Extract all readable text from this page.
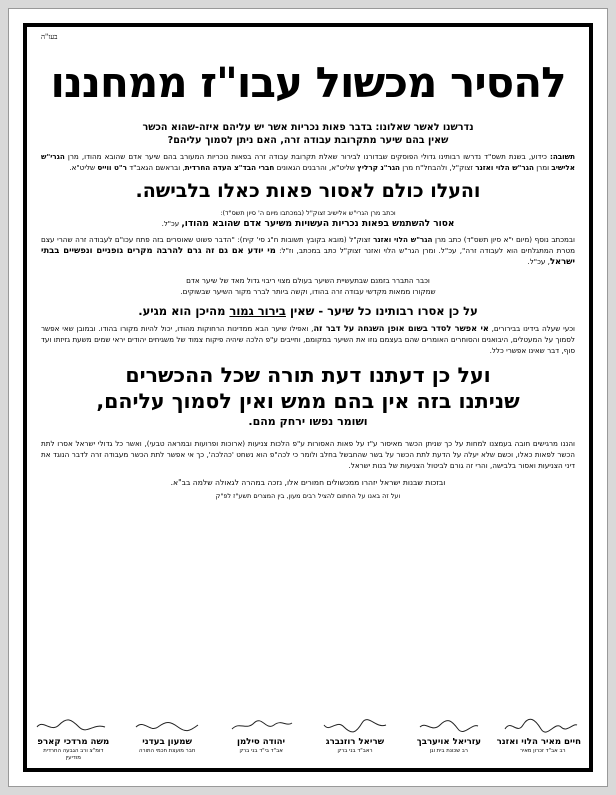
בעז"ה
להסיר מכשול עבו"ז ממחננו

נדרשנו לאשר שאלונו: בדבר פאות נכריות אשר יש עליהם איזה-שהוא הכשר

שאין בהם שיער מתקרובת עבודה זרה, האם ניתן לסמוך עליהם?

תשובה: כידוע, בשנת תשס"ד נדרשו רבותינו גדולי הפוסקים שבדורנו לבירור שאלת תקרובת עבודה זרה בפאות נוכריות המעורב בהם שיער אדם שהובא מהודו, מרן הגרי"ש אלישיב ומרן הגר"ש הלוי ואזנר זצוק"ל, ולהבחל"ח מרן הגר"נ קרליץ שליט"א, והרבנים הגאונים חברי הבד"צ העדה החרדית, ובראשם הגאב"ד ר"ט ווייס שליט"א.

והעלו כולם לאסור פאות כאלו בלבישה.

וכתב מרן הגרי"ש אלישיב זצוק"ל (במכתבו מיום ה' סיון תשס"ד):

אסור להשתמש בפאות נכריות העשויות משיער אדם שהובא מהודו, עכ"ל.

ובמכתב נוסף (מיום י"א סיון תשס"ד) כתב מרן הגר"ש הלוי ואזנר זצוק"ל (מובא בקובץ תשובות ח"ג סי' קיח): "הדבר פשוט שאוסרים בזה פתח עכו"ם לעבודה זרה שהרי עצם מטרת המתגלחים הוא לעבודה זרה", עכ"ל. ומרן הגר"ש הלוי ואזנר זצוק"ל כתב במכתב, וז"ל: מי יודע אם גם זה גרם להרבה מקרים גופניים ונפשיים בבתי ישראל, עכ"ל.

וכבר התברר בזמנם שבתעשיית השיער בעולם מצוי ריבוי גדול מאד של שיער אדם

שמקורו ממאות מקדשי עבודה זרה בהודו, וקשה ביותר לברר מקור השיער שבשוקים.

על כן אסרו רבותינו כל שיער - שאין בירור גמור מהיכן הוא מגיע.

וכעי שעלה בידינו בבירורים, אי אפשר לסדר בשום אופן השגחה על דבר זה, ואפילו שיער הבא ממדינות הרחוקות מהודו, יכול להיות מקורו בהודו. ובמובן שאי אפשר לסמוך על המעטלים, היבואנים והסוחרים האומרים שהם בעצמם גוזו את השיער במקומם, וחייבים ע"פ הלכה שיהיה פיקוח צמוד של משגיחים יהודים יראי שמים משעת גזיזתו ועד סוף, דבר שאינו אפשרי כלל.

ועל כן דעתנו דעת תורה שכל ההכשרים
שניתנו בזה אין בהם ממש ואין לסמוך עליהם,
ושומר נפשו ירחק מהם.

והננו מרגישים חובה בעמצנו למחות על כך שניתן הכשר מאיסור ע"ז על פאות האסורות ע"פ הלכות צניעות (ארוכות ופרועות ובמראה טבעי), ואשר כל גדולי ישראל אסרו לתת הכשר לפאות כאלו, וכשם שלא יעלה על הדעת לתת הכשר על בשר שהחבשל בחלב ולומר כי לכה"פ הוא נשחט 'כהלכה', כך אי אפשר לתת הכשר מעבודה זרה לדבר הנוגד את דיני הצניעות ואסור בלבישה, והרי זה גורם לביטול הצניעות של בנות ישראל.

ובזכות שבנות ישראל יזהרו ממכשולים חמורים אלו, נזכה במהרה לגאולה שלמה בב"א.

ועל זה באנו על החתום להציל רבים מעון, בין המצרים תשע"ז לפ"ק

חיים מאיר הלוי ואזנר
רב אב"ד זכרון מאיר
עזריאל אויערבך
רב שכונת בית וגן
שריאל רוזנברג
ראב"ד בני ברק
יהודה סילמן
אב"ד בי"ד בני ברק
שמעון בעדני
חבר מועצת חכמי התורה
משה מרדכי קארפ
דומ"צ ורב הגבעה החרדית מודיעין
